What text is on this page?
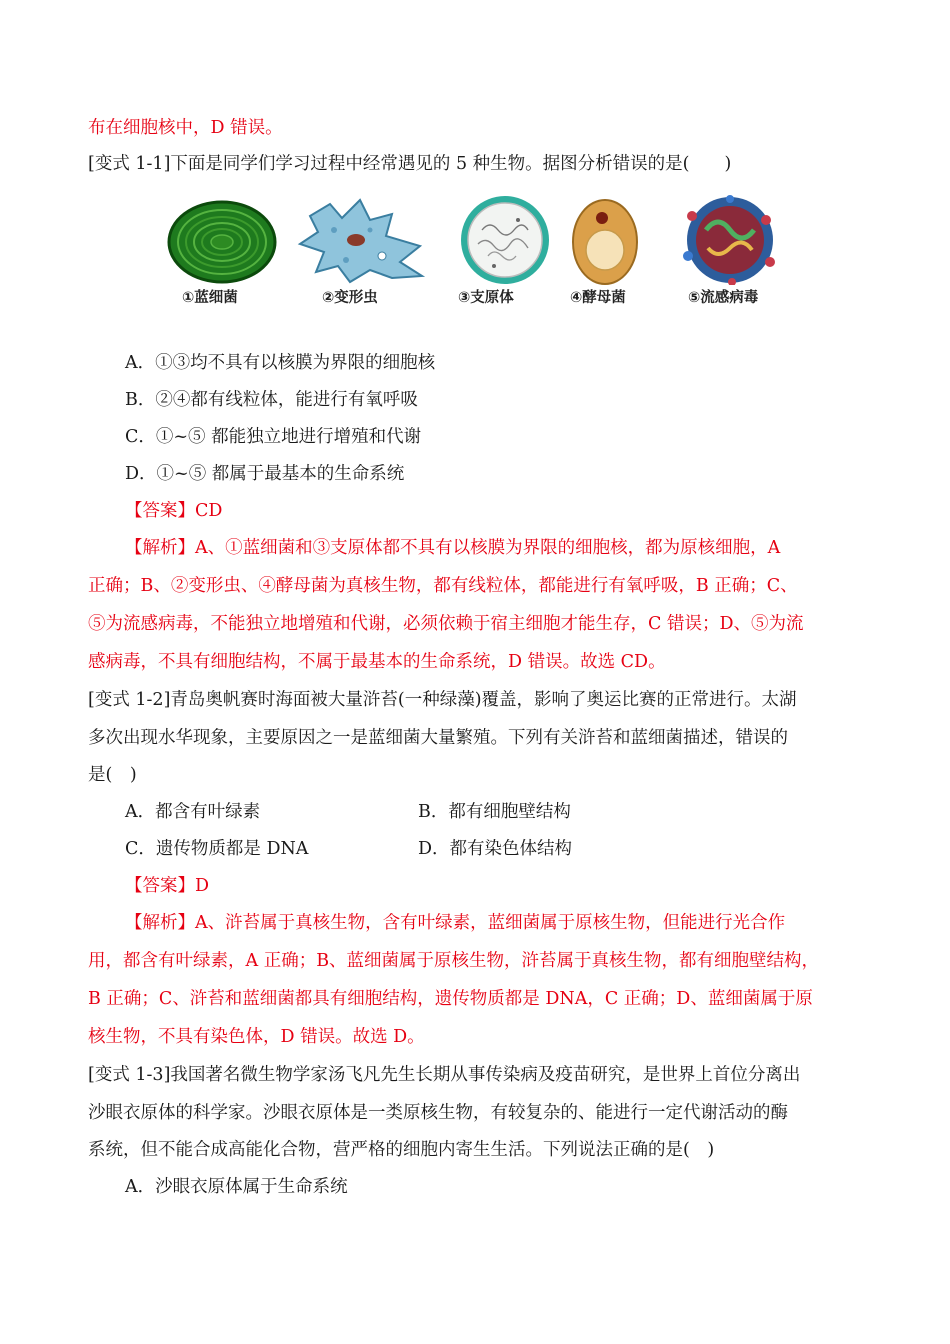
布在细胞核中，D 错误。
[变式 1-1]下面是同学们学习过程中经常遇见的 5 种生物。据图分析错误的是(　　)
①蓝细菌	②变形虫	③支原体	④酵母菌	⑤流感病毒
A．①③均不具有以核膜为界限的细胞核
B．②④都有线粒体，能进行有氧呼吸
C．①~⑤ 都能独立地进行增殖和代谢
D．①~⑤ 都属于最基本的生命系统
【答案】CD
【解析】A、①蓝细菌和③支原体都不具有以核膜为界限的细胞核，都为原核细胞，A
正确；B、②变形虫、④酵母菌为真核生物，都有线粒体，都能进行有氧呼吸，B 正确；C、
⑤为流感病毒，不能独立地增殖和代谢，必须依赖于宿主细胞才能生存，C 错误；D、⑤为流
感病毒，不具有细胞结构，不属于最基本的生命系统，D 错误。故选 CD。
[变式 1-2]青岛奥帆赛时海面被大量浒苔(一种绿藻)覆盖，影响了奥运比赛的正常进行。太湖
多次出现水华现象，主要原因之一是蓝细菌大量繁殖。下列有关浒苔和蓝细菌描述，错误的
是(　)
A．都含有叶绿素	B．都有细胞壁结构
C．遗传物质都是 DNA	D．都有染色体结构
【答案】D
【解析】A、浒苔属于真核生物，含有叶绿素，蓝细菌属于原核生物，但能进行光合作
用，都含有叶绿素，A 正确；B、蓝细菌属于原核生物，浒苔属于真核生物，都有细胞壁结构，
B 正确；C、浒苔和蓝细菌都具有细胞结构，遗传物质都是 DNA，C 正确；D、蓝细菌属于原
核生物，不具有染色体，D 错误。故选 D。
[变式 1-3]我国著名微生物学家汤飞凡先生长期从事传染病及疫苗研究，是世界上首位分离出
沙眼衣原体的科学家。沙眼衣原体是一类原核生物，有较复杂的、能进行一定代谢活动的酶
系统，但不能合成高能化合物，营严格的细胞内寄生生活。下列说法正确的是(　)
A．沙眼衣原体属于生命系统
